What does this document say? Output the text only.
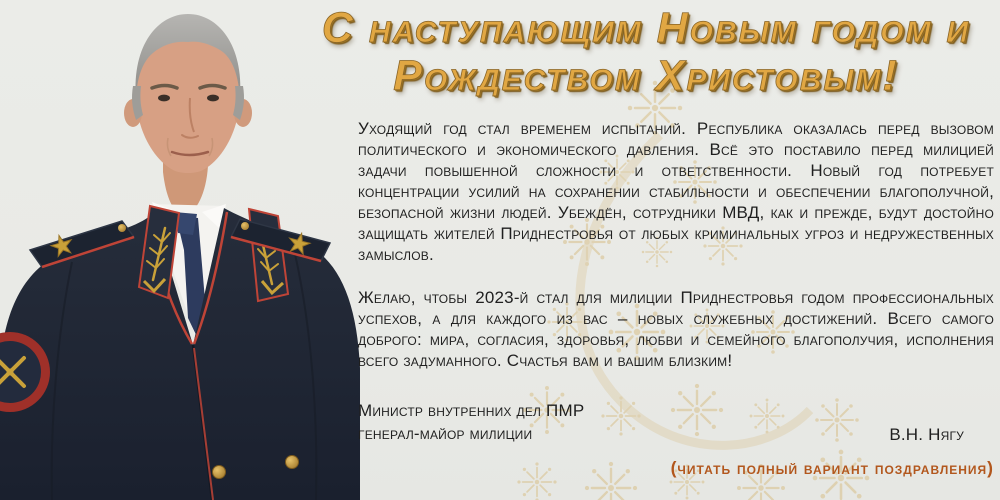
С наступающим Новым годом и
Рождеством Христовым!

Уходящий год стал временем испытаний. Республика оказалась перед вызовом политического и экономического давления. Всё это поставило перед милицией задачи повышенной сложности и ответственности. Новый год потребует концентрации усилий на сохранении стабильности и обеспечении благополучной, безопасной жизни людей. Убеждён, сотрудники МВД, как и прежде, будут достойно защищать жителей Приднестровья от любых криминальных угроз и недружественных замыслов.

Желаю, чтобы 2023-й стал для милиции Приднестровья годом профессиональных успехов, а для каждого из вас – новых служебных достижений. Всего самого доброго: мира, согласия, здоровья, любви и семейного благополучия, исполнения всего задуманного. Счастья вам и вашим близким!

Министр внутренних дел ПМР
генерал-майор милиции	В.Н. Нягу
(читать полный вариант поздравления)
